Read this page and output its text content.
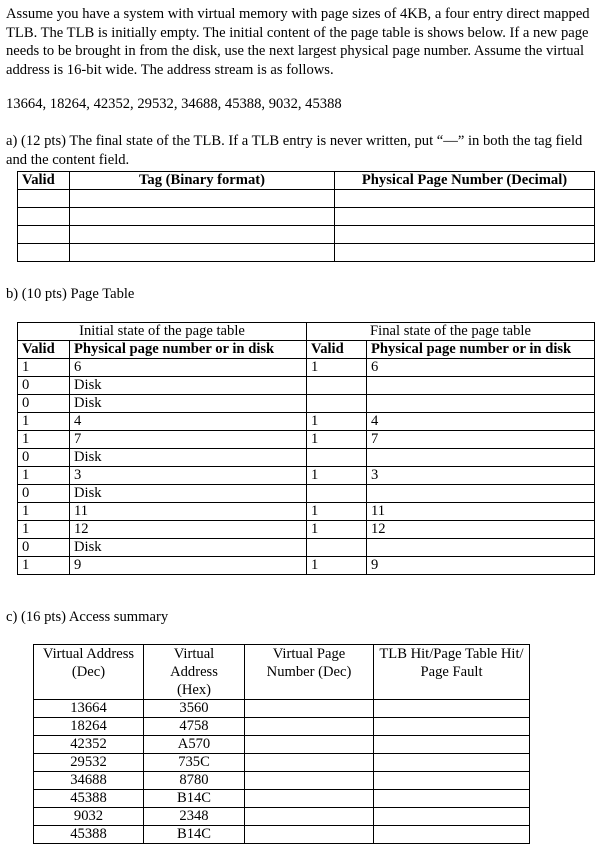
Assume you have a system with virtual memory with page sizes of 4KB, a four entry direct mapped TLB. The TLB is initially empty. The initial content of the page table is shows below. If a new page needs to be brought in from the disk, use the next largest physical page number. Assume the virtual address is 16-bit wide. The address stream is as follows.

13664, 18264, 42352, 29532, 34688, 45388, 9032, 45388

a) (12 pts) The final state of the TLB. If a TLB entry is never written, put “—” in both the tag field and the content field.

Valid	Tag (Binary format)	Physical Page Number (Decimal)

b) (10 pts) Page Table

Initial state of the page table		Final state of the page table	
Valid	Physical page number or in disk	Valid	Physical page number or in disk
1	6	1	6
0	Disk		
0	Disk		
1	4	1	4
1	7	1	7
0	Disk		
1	3	1	3
0	Disk		
1	11	1	11
1	12	1	12
0	Disk		
1	9	1	9

c) (16 pts) Access summary

Virtual Address (Dec)	Virtual Address (Hex)	Virtual Page Number (Dec)	TLB Hit/Page Table Hit/ Page Fault
13664	3560		
18264	4758		
42352	A570		
29532	735C		
34688	8780		
45388	B14C		
9032	2348		
45388	B14C		
